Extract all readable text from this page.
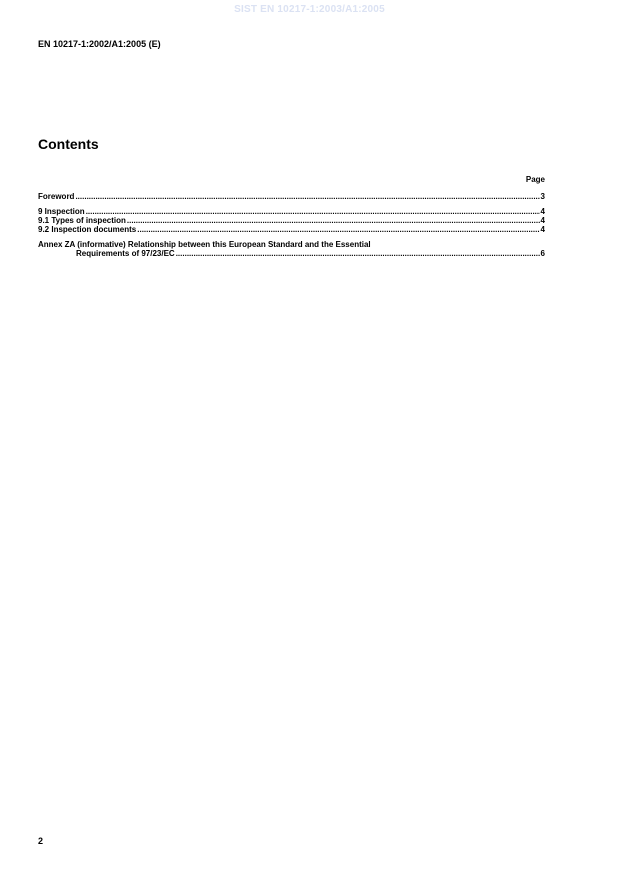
SIST EN 10217-1:2003/A1:2005
EN 10217-1:2002/A1:2005 (E)
Contents
Page
Foreword .....	3
9 Inspection .....	4
9.1 Types of inspection .....	4
9.2 Inspection documents .....	4
Annex ZA (informative) Relationship between this European Standard and the Essential
Requirements of 97/23/EC .....	6
2
